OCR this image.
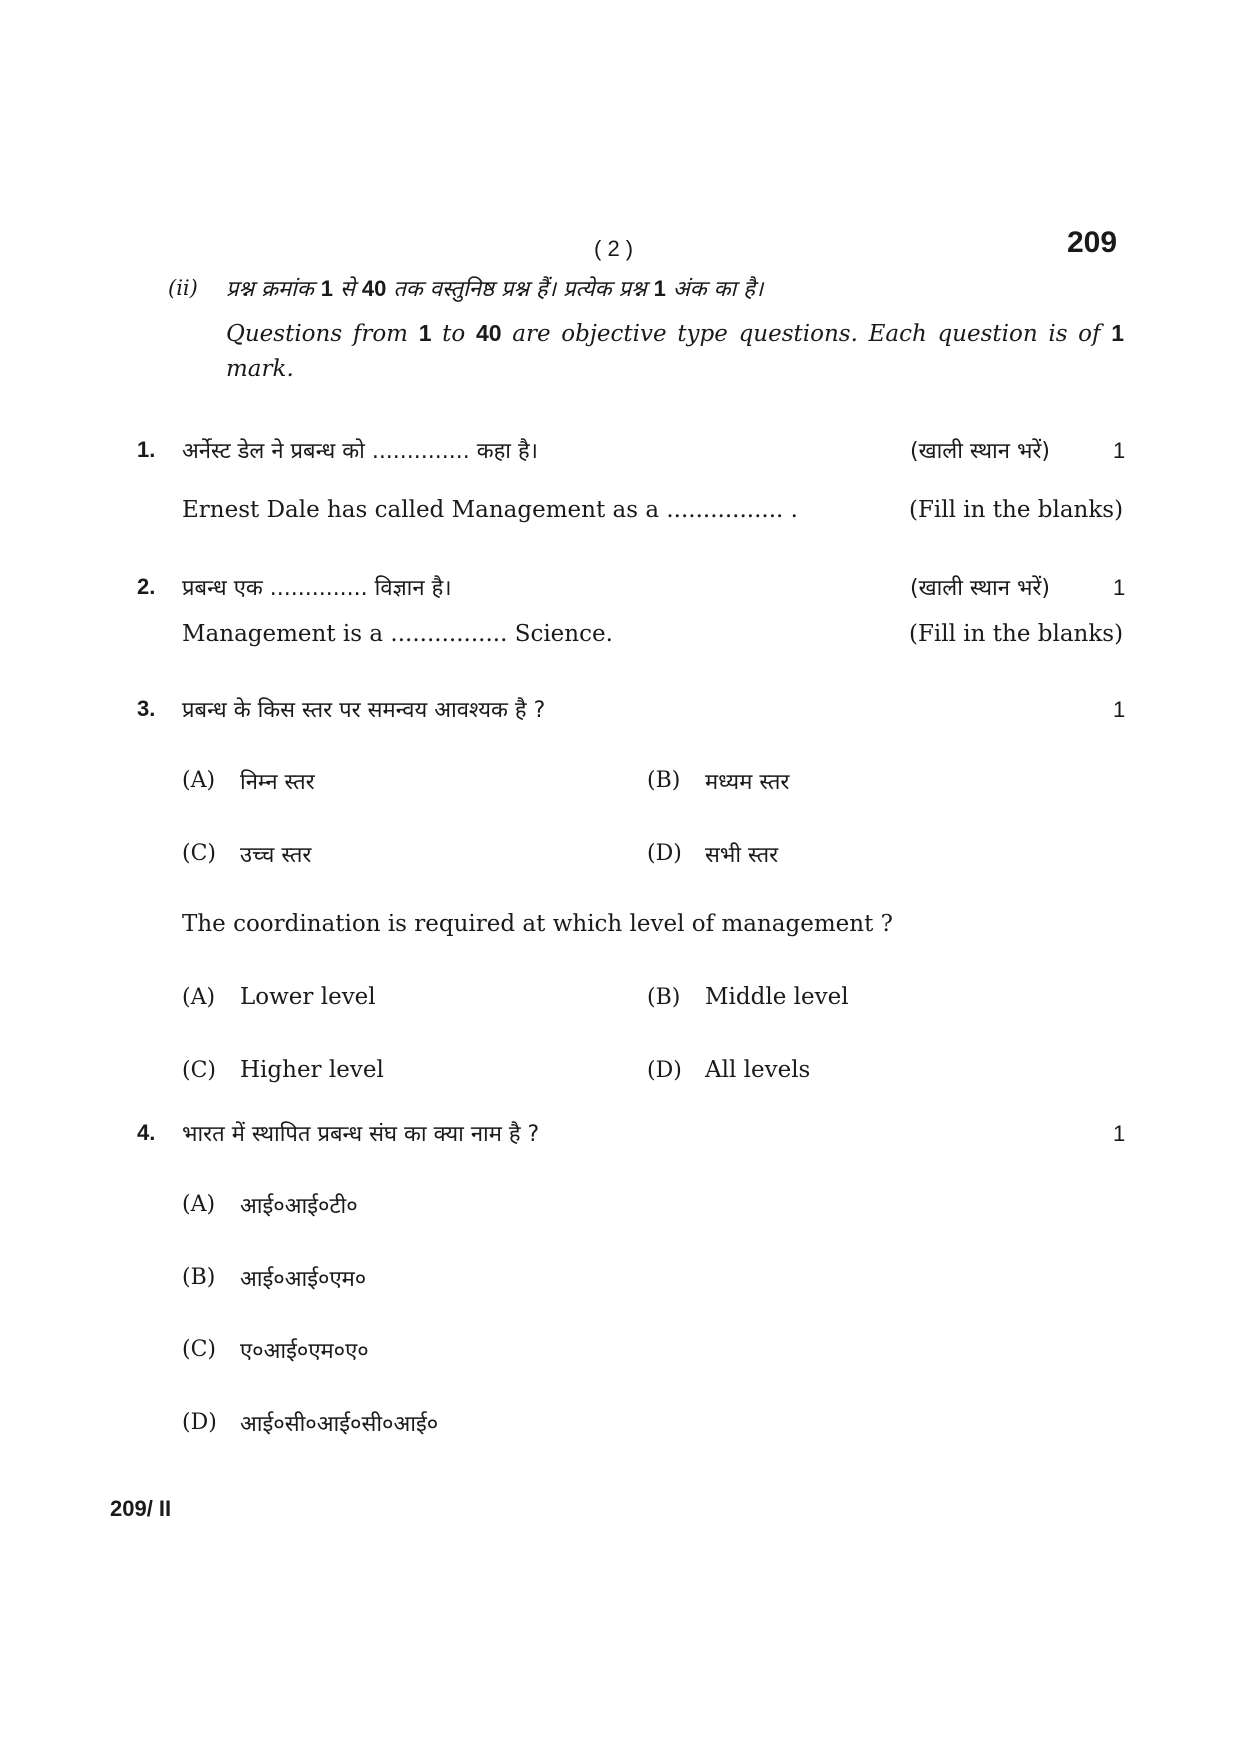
( 2 )	209
(ii) प्रश्न क्रमांक 1 से 40 तक वस्तुनिष्ठ प्रश्न हैं। प्रत्येक प्रश्न 1 अंक का है।
Questions from 1 to 40 are objective type questions. Each question is of 1
mark.
1. अर्नेस्ट डेल ने प्रबन्ध को .............. कहा है।	(खाली स्थान भरें)	1
Ernest Dale has called Management as a ................ .	(Fill in the blanks)
2. प्रबन्ध एक .............. विज्ञान है।	(खाली स्थान भरें)	1
Management is a ................ Science.	(Fill in the blanks)
3. प्रबन्ध के किस स्तर पर समन्वय आवश्यक है ?	1
(A) निम्न स्तर	(B) मध्यम स्तर
(C) उच्च स्तर	(D) सभी स्तर
The coordination is required at which level of management ?
(A) Lower level	(B) Middle level
(C) Higher level	(D) All levels
4. भारत में स्थापित प्रबन्ध संघ का क्या नाम है ?	1
(A) आई०आई०टी०
(B) आई०आई०एम०
(C) ए०आई०एम०ए०
(D) आई०सी०आई०सी०आई०
209/ II
